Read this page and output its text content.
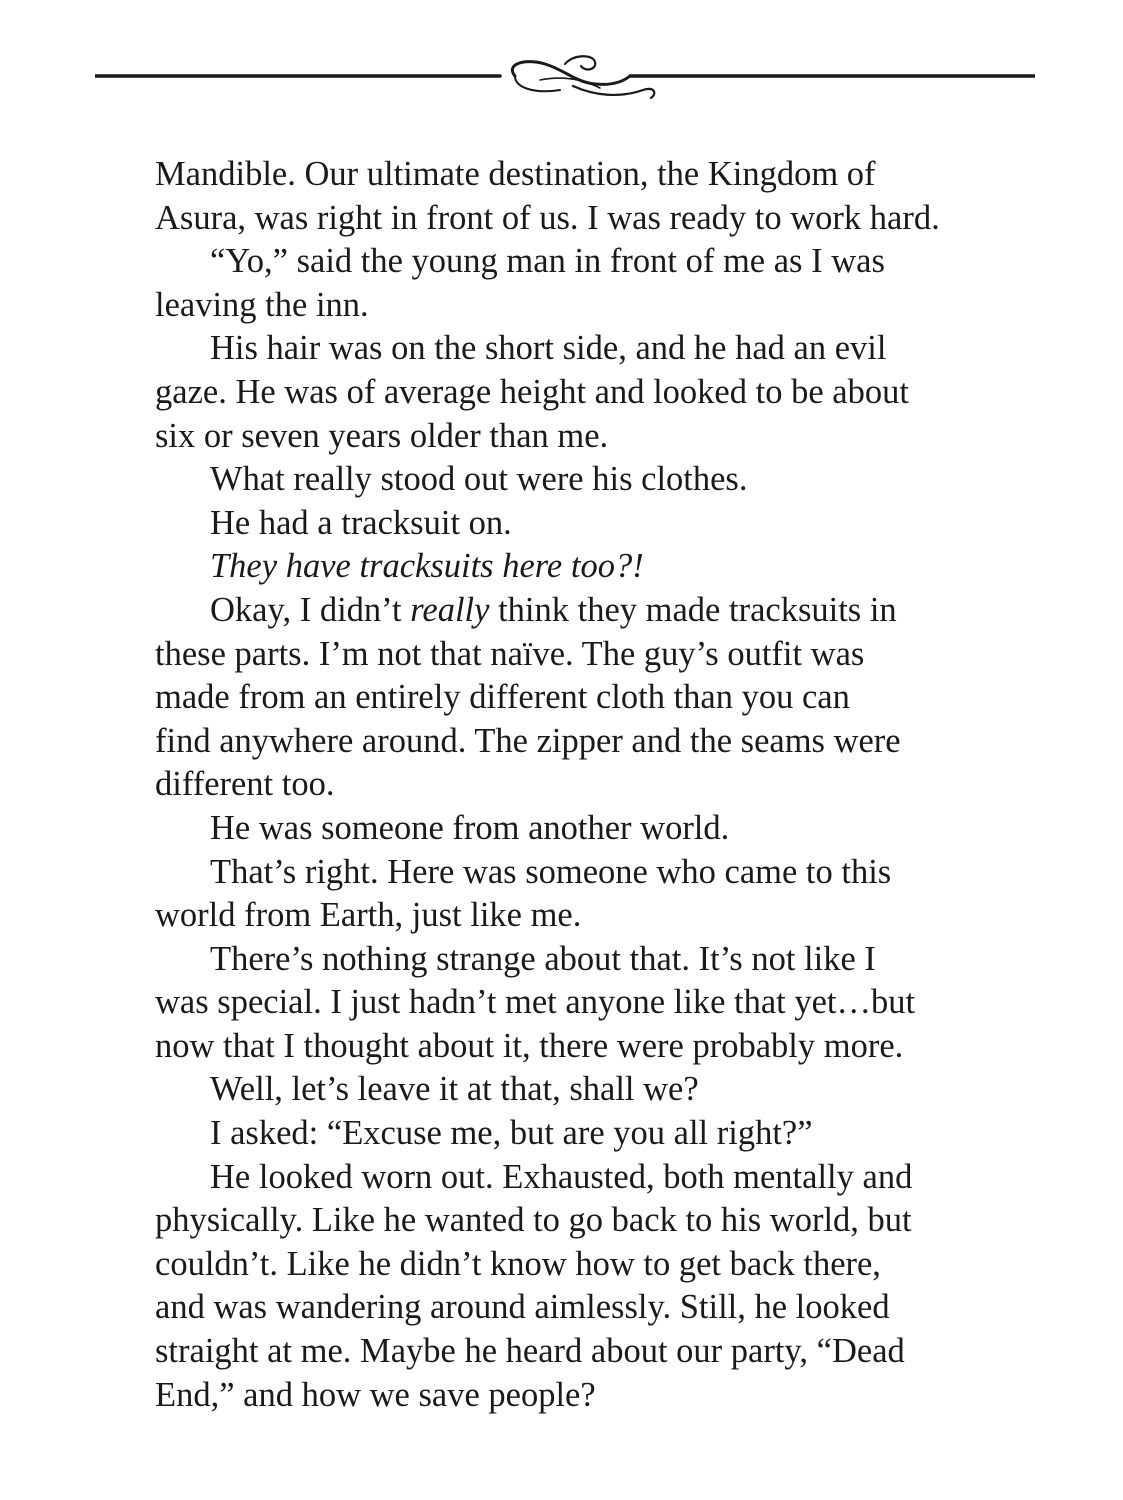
Mandible. Our ultimate destination, the Kingdom of
Asura, was right in front of us. I was ready to work hard.
“Yo,” said the young man in front of me as I was
leaving the inn.
His hair was on the short side, and he had an evil
gaze. He was of average height and looked to be about
six or seven years older than me.
What really stood out were his clothes.
He had a tracksuit on.
They have tracksuits here too?!
Okay, I didn’t really think they made tracksuits in
these parts. I’m not that naïve. The guy’s outfit was
made from an entirely different cloth than you can
find anywhere around. The zipper and the seams were
different too.
He was someone from another world.
That’s right. Here was someone who came to this
world from Earth, just like me.
There’s nothing strange about that. It’s not like I
was special. I just hadn’t met anyone like that yet…but
now that I thought about it, there were probably more.
Well, let’s leave it at that, shall we?
I asked: “Excuse me, but are you all right?”
He looked worn out. Exhausted, both mentally and
physically. Like he wanted to go back to his world, but
couldn’t. Like he didn’t know how to get back there,
and was wandering around aimlessly. Still, he looked
straight at me. Maybe he heard about our party, “Dead
End,” and how we save people?
